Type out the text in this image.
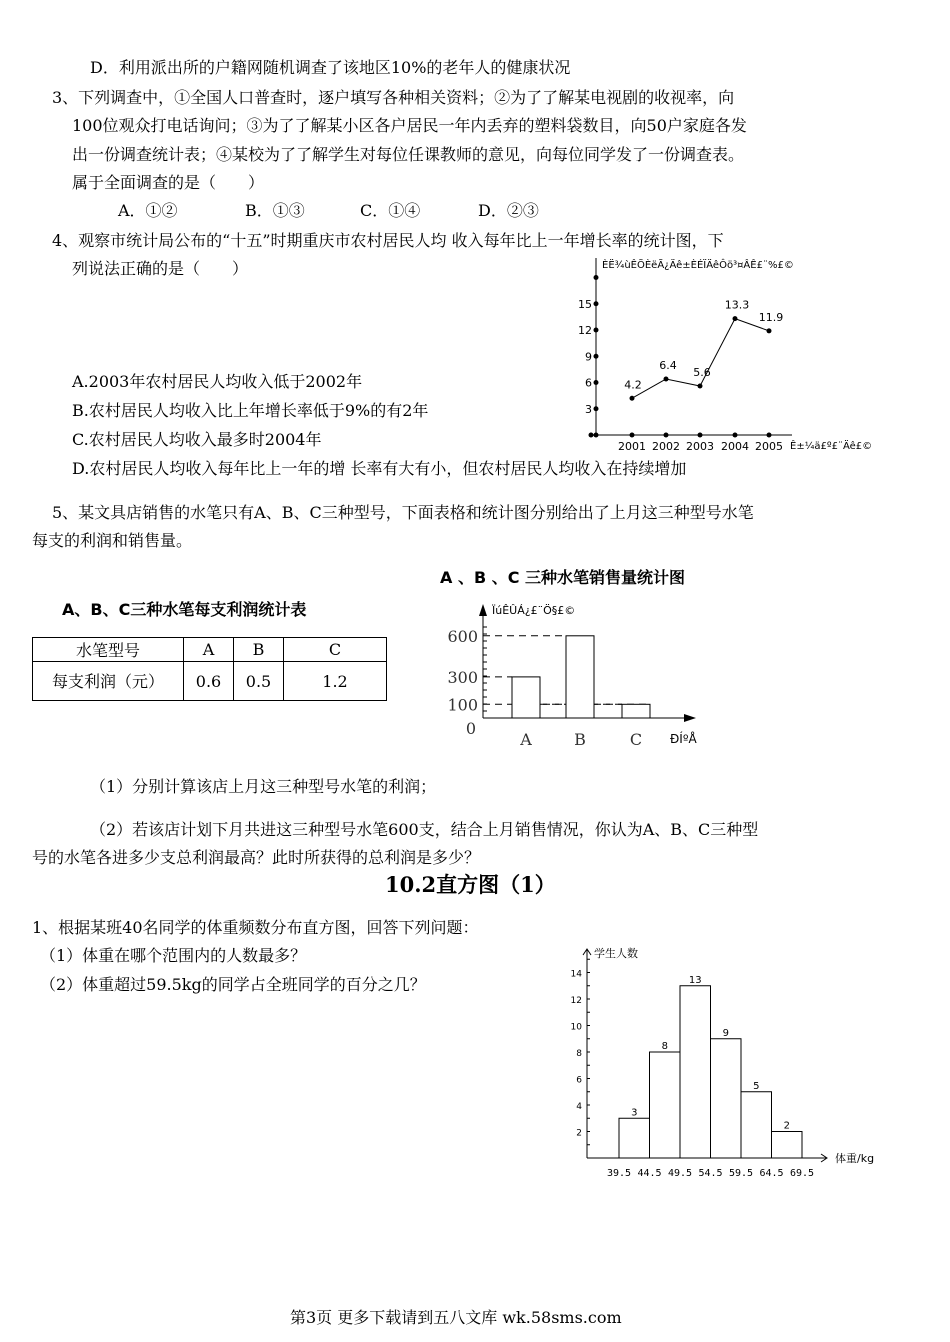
D．利用派出所的户籍网随机调查了该地区10%的老年人的健康状况
3、下列调查中，①全国人口普查时，逐户填写各种相关资料；②为了了解某电视剧的收视率，向
100位观众打电话询问；③为了了解某小区各户居民一年内丢弃的塑料袋数目，向50户家庭各发
出一份调查统计表；④某校为了了解学生对每位任课教师的意见，向每位同学发了一份调查表。
属于全面调查的是（　　）
A．①②	B．①③	C．①④	D．②③
4、观察市统计局公布的“十五”时期重庆市农村居民人均 收入每年比上一年增长率的统计图，下
列说法正确的是（　　）
A.2003年农村居民人均收入低于2002年
B.农村居民人均收入比上年增长率低于9%的有2年
C.农村居民人均收入最多时2004年
D.农村居民人均收入每年比上一年的增 长率有大有小，但农村居民人均收入在持续增加
5、某文具店销售的水笔只有A、B、C三种型号，下面表格和统计图分别给出了上月这三种型号水笔
每支的利润和销售量。
A 、B 、C 三种水笔销售量统计图
A、B、C三种水笔每支利润统计表
水笔型号	A	B	C
每支利润（元）	0.6	0.5	1.2
（1）分别计算该店上月这三种型号水笔的利润；
（2）若该店计划下月共进这三种型号水笔600支，结合上月销售情况，你认为A、B、C三种型
号的水笔各进多少支总利润最高？此时所获得的总利润是多少？
10.2直方图（1）
1、根据某班40名同学的体重频数分布直方图，回答下列问题：
（1）体重在哪个范围内的人数最多？
（2）体重超过59.5kg的同学占全班同学的百分之几？
第3页 更多下载请到五八文库 wk.58sms.com
ÈË¾ùÊÕÈëÃ¿Äê±ÈÉÏÄêÔö³¤ÂÊ£¨%£©
Ê±¼ä£º£¨Äê£©
3
6
9
12
15
2001
4.2
2002
6.4
2003
5.6
2004
13.3
2005
11.9
ÏúÊÛÁ¿£¨Ö§£©
ĐÍºÅ
0
100
300
600
A	B	C
学生人数
体重/kg
2
4
6
8
10
12
14
3
8
13
9
5
2
39.5 44.5 49.5 54.5 59.5 64.5 69.5
